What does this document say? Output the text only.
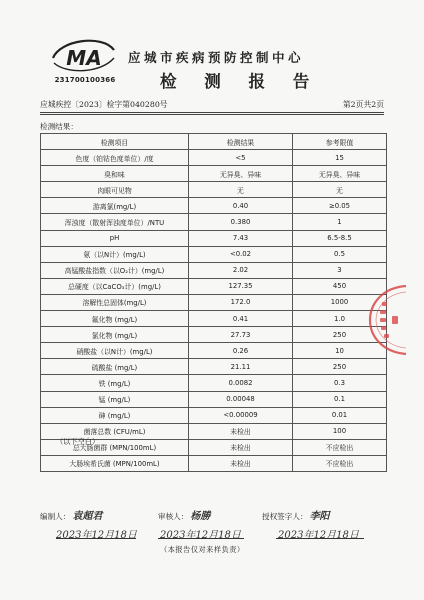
MA
231700100366
应城市疾病预防控制中心
检 测 报 告
应城疾控〔2023〕检字第040280号	第2页共2页
检测结果：
检测项目	检测结果	参考限值
色度（铂钴色度单位）/度	<5	15
臭和味	无异臭、异味	无异臭、异味
肉眼可见物	无	无
游离氯(mg/L)	0.40	≥0.05
浑浊度（散射浑浊度单位）/NTU	0.380	1
pH	7.43	6.5-8.5
氨（以N计）(mg/L)	<0.02	0.5
高锰酸盐指数（以O₂计）(mg/L)	2.02	3
总硬度（以CaCO₃计）(mg/L)	127.35	450
溶解性总固体(mg/L)	172.0	1000
氟化物 (mg/L)	0.41	1.0
氯化物 (mg/L)	27.73	250
硝酸盐（以N计）(mg/L)	0.26	10
硫酸盐 (mg/L)	21.11	250
铁 (mg/L)	0.0082	0.3
锰 (mg/L)	0.00048	0.1
砷 (mg/L)	<0.00009	0.01
菌落总数 (CFU/mL)	未检出	100
总大肠菌群 (MPN/100mL)	未检出	不应检出
大肠埃希氏菌 (MPN/100mL)	未检出	不应检出
（以下空白）
编制人： 袁超君	审核人： 杨勝	授权签字人： 李阳
2023年12月18日 2023年12月18日	2023年12月18日
（本报告仅对来样负责）
